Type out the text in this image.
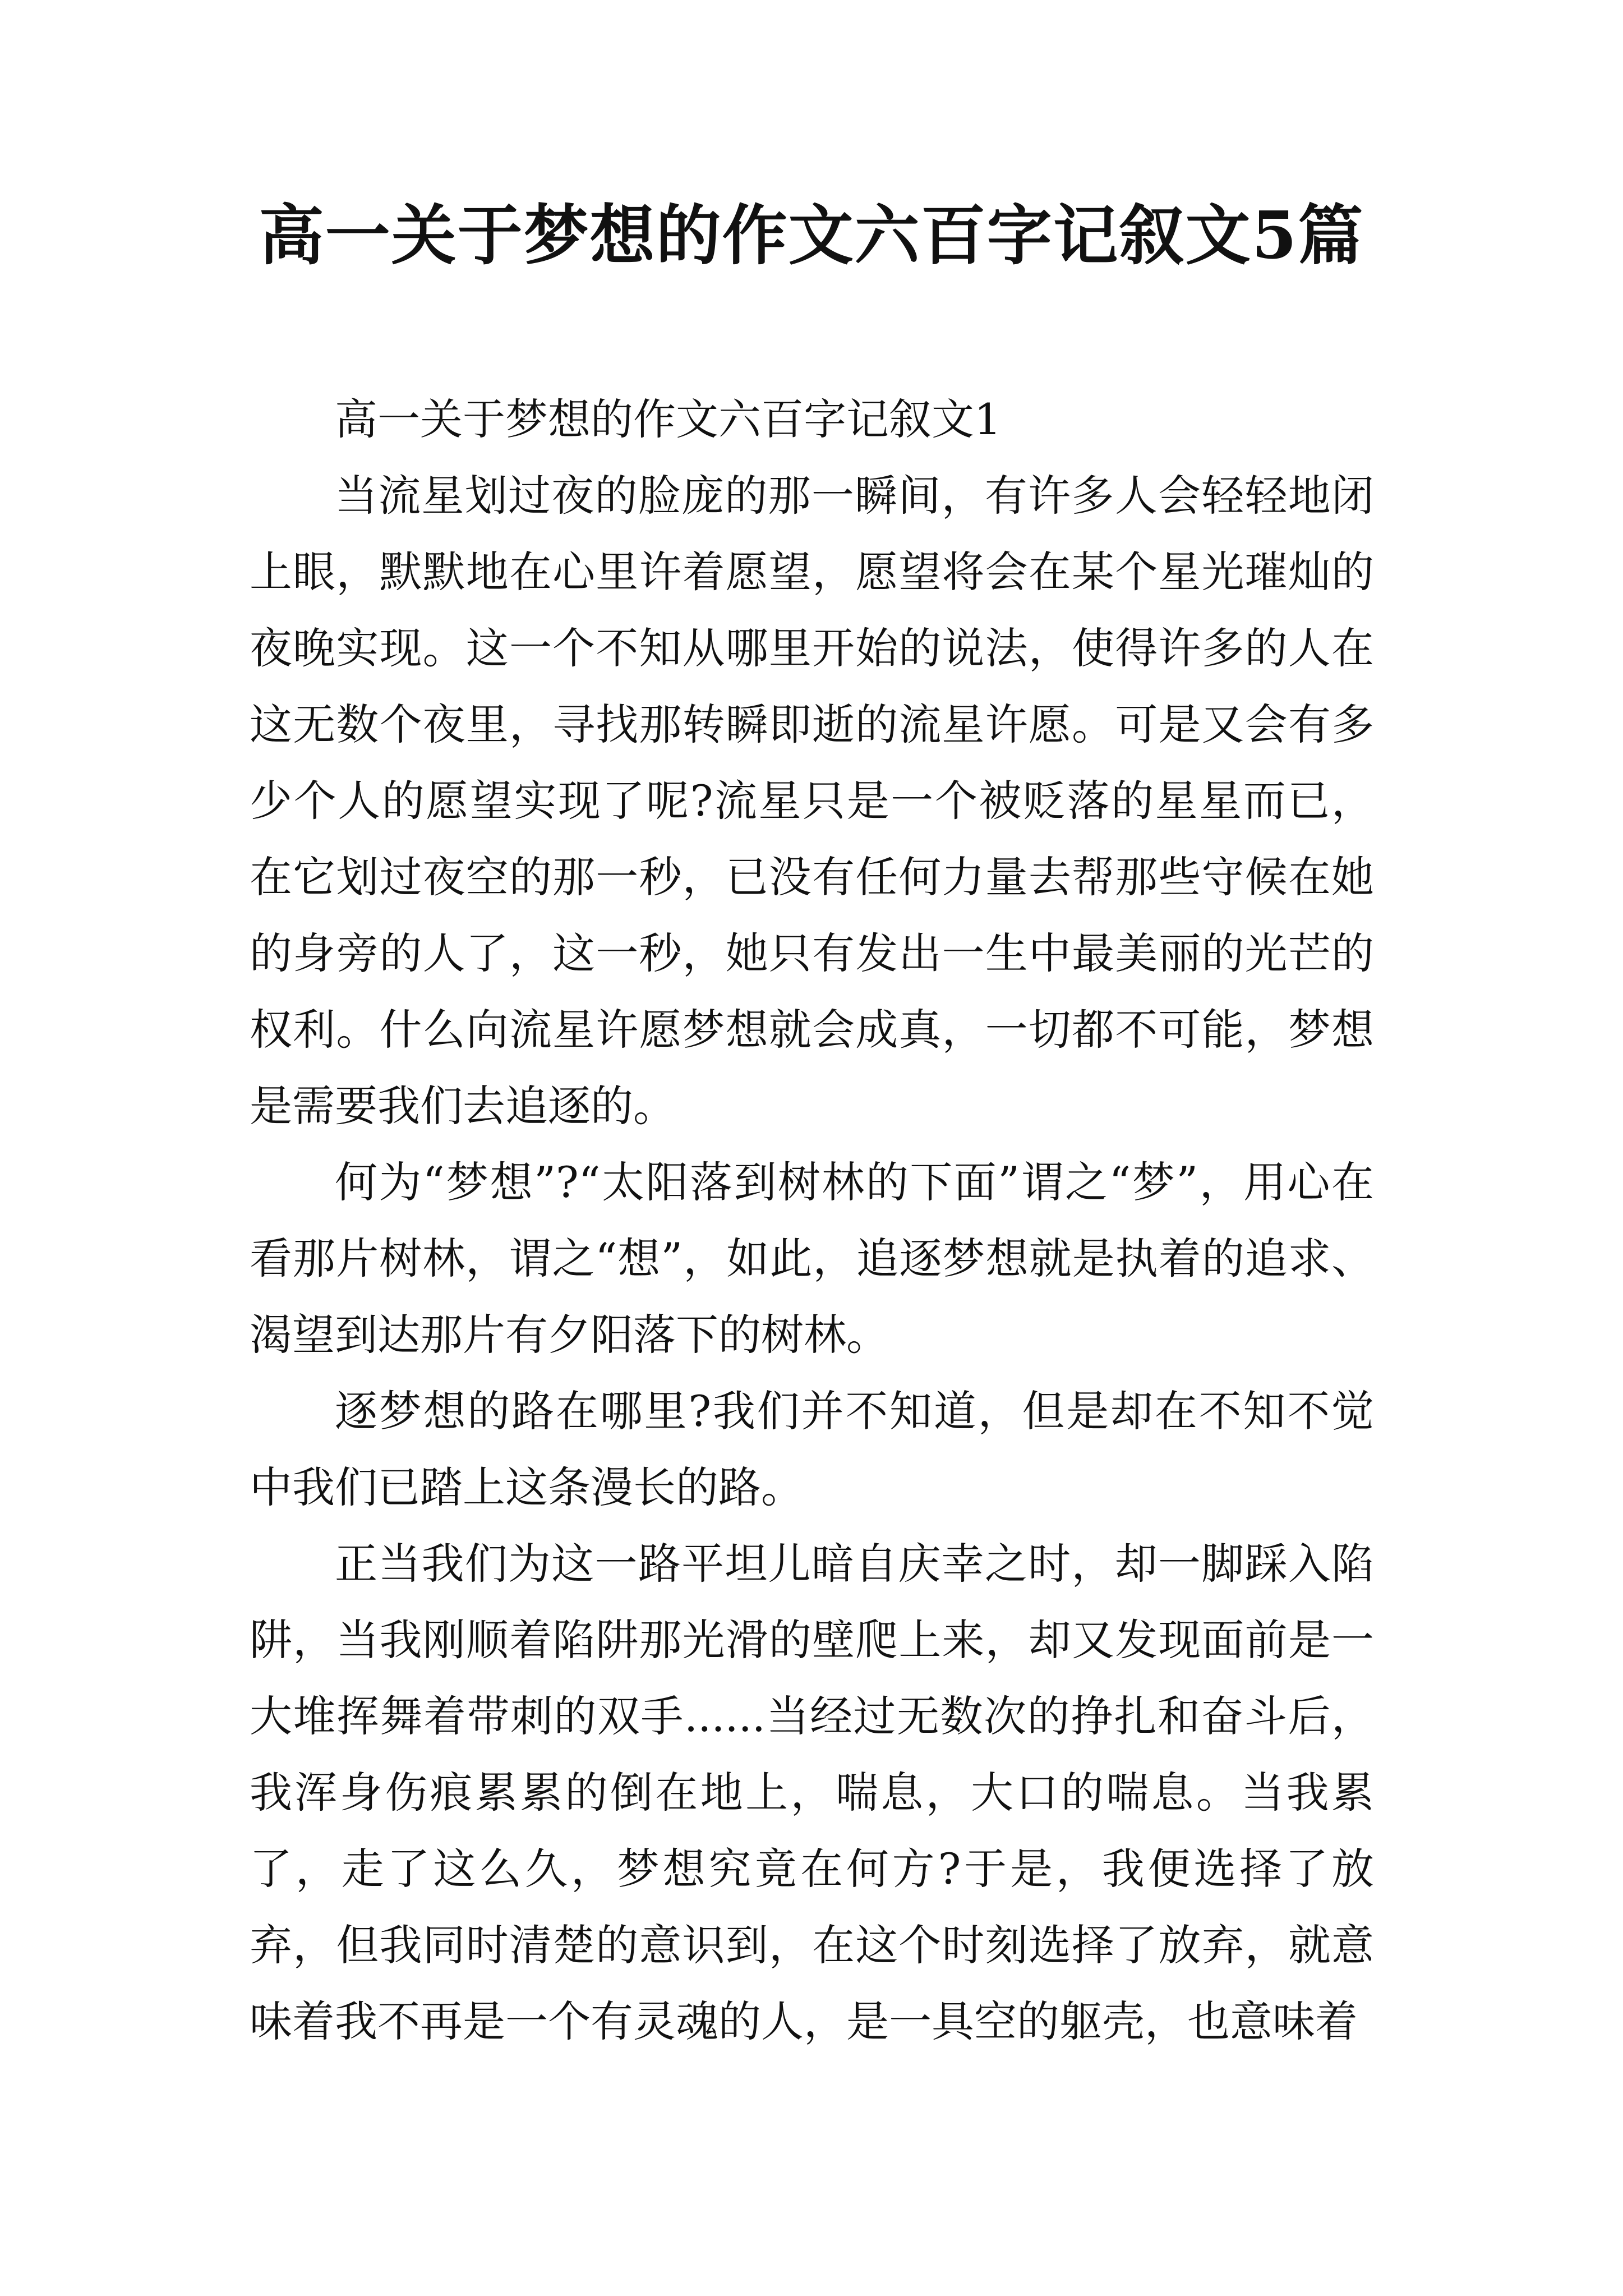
高一关于梦想的作文六百字记叙文5篇

高一关于梦想的作文六百字记叙文1

当流星划过夜的脸庞的那一瞬间，有许多人会轻轻地闭上眼，默默地在心里许着愿望，愿望将会在某个星光璀灿的夜晚实现。这一个不知从哪里开始的说法，使得许多的人在这无数个夜里，寻找那转瞬即逝的流星许愿。可是又会有多少个人的愿望实现了呢?流星只是一个被贬落的星星而已，在它划过夜空的那一秒，已没有任何力量去帮那些守候在她的身旁的人了，这一秒，她只有发出一生中最美丽的光芒的权利。什么向流星许愿梦想就会成真，一切都不可能，梦想是需要我们去追逐的。

何为“梦想”?“太阳落到树林的下面”谓之“梦”，用心在看那片树林，谓之“想”，如此，追逐梦想就是执着的追求、渴望到达那片有夕阳落下的树林。

逐梦想的路在哪里?我们并不知道，但是却在不知不觉中我们已踏上这条漫长的路。

正当我们为这一路平坦儿暗自庆幸之时，却一脚踩入陷阱，当我刚顺着陷阱那光滑的壁爬上来，却又发现面前是一大堆挥舞着带刺的双手......当经过无数次的挣扎和奋斗后，我浑身伤痕累累的倒在地上，喘息，大口的喘息。当我累了，走了这么久，梦想究竟在何方?于是，我便选择了放弃，但我同时清楚的意识到，在这个时刻选择了放弃，就意味着我不再是一个有灵魂的人，是一具空的躯壳，也意味着
